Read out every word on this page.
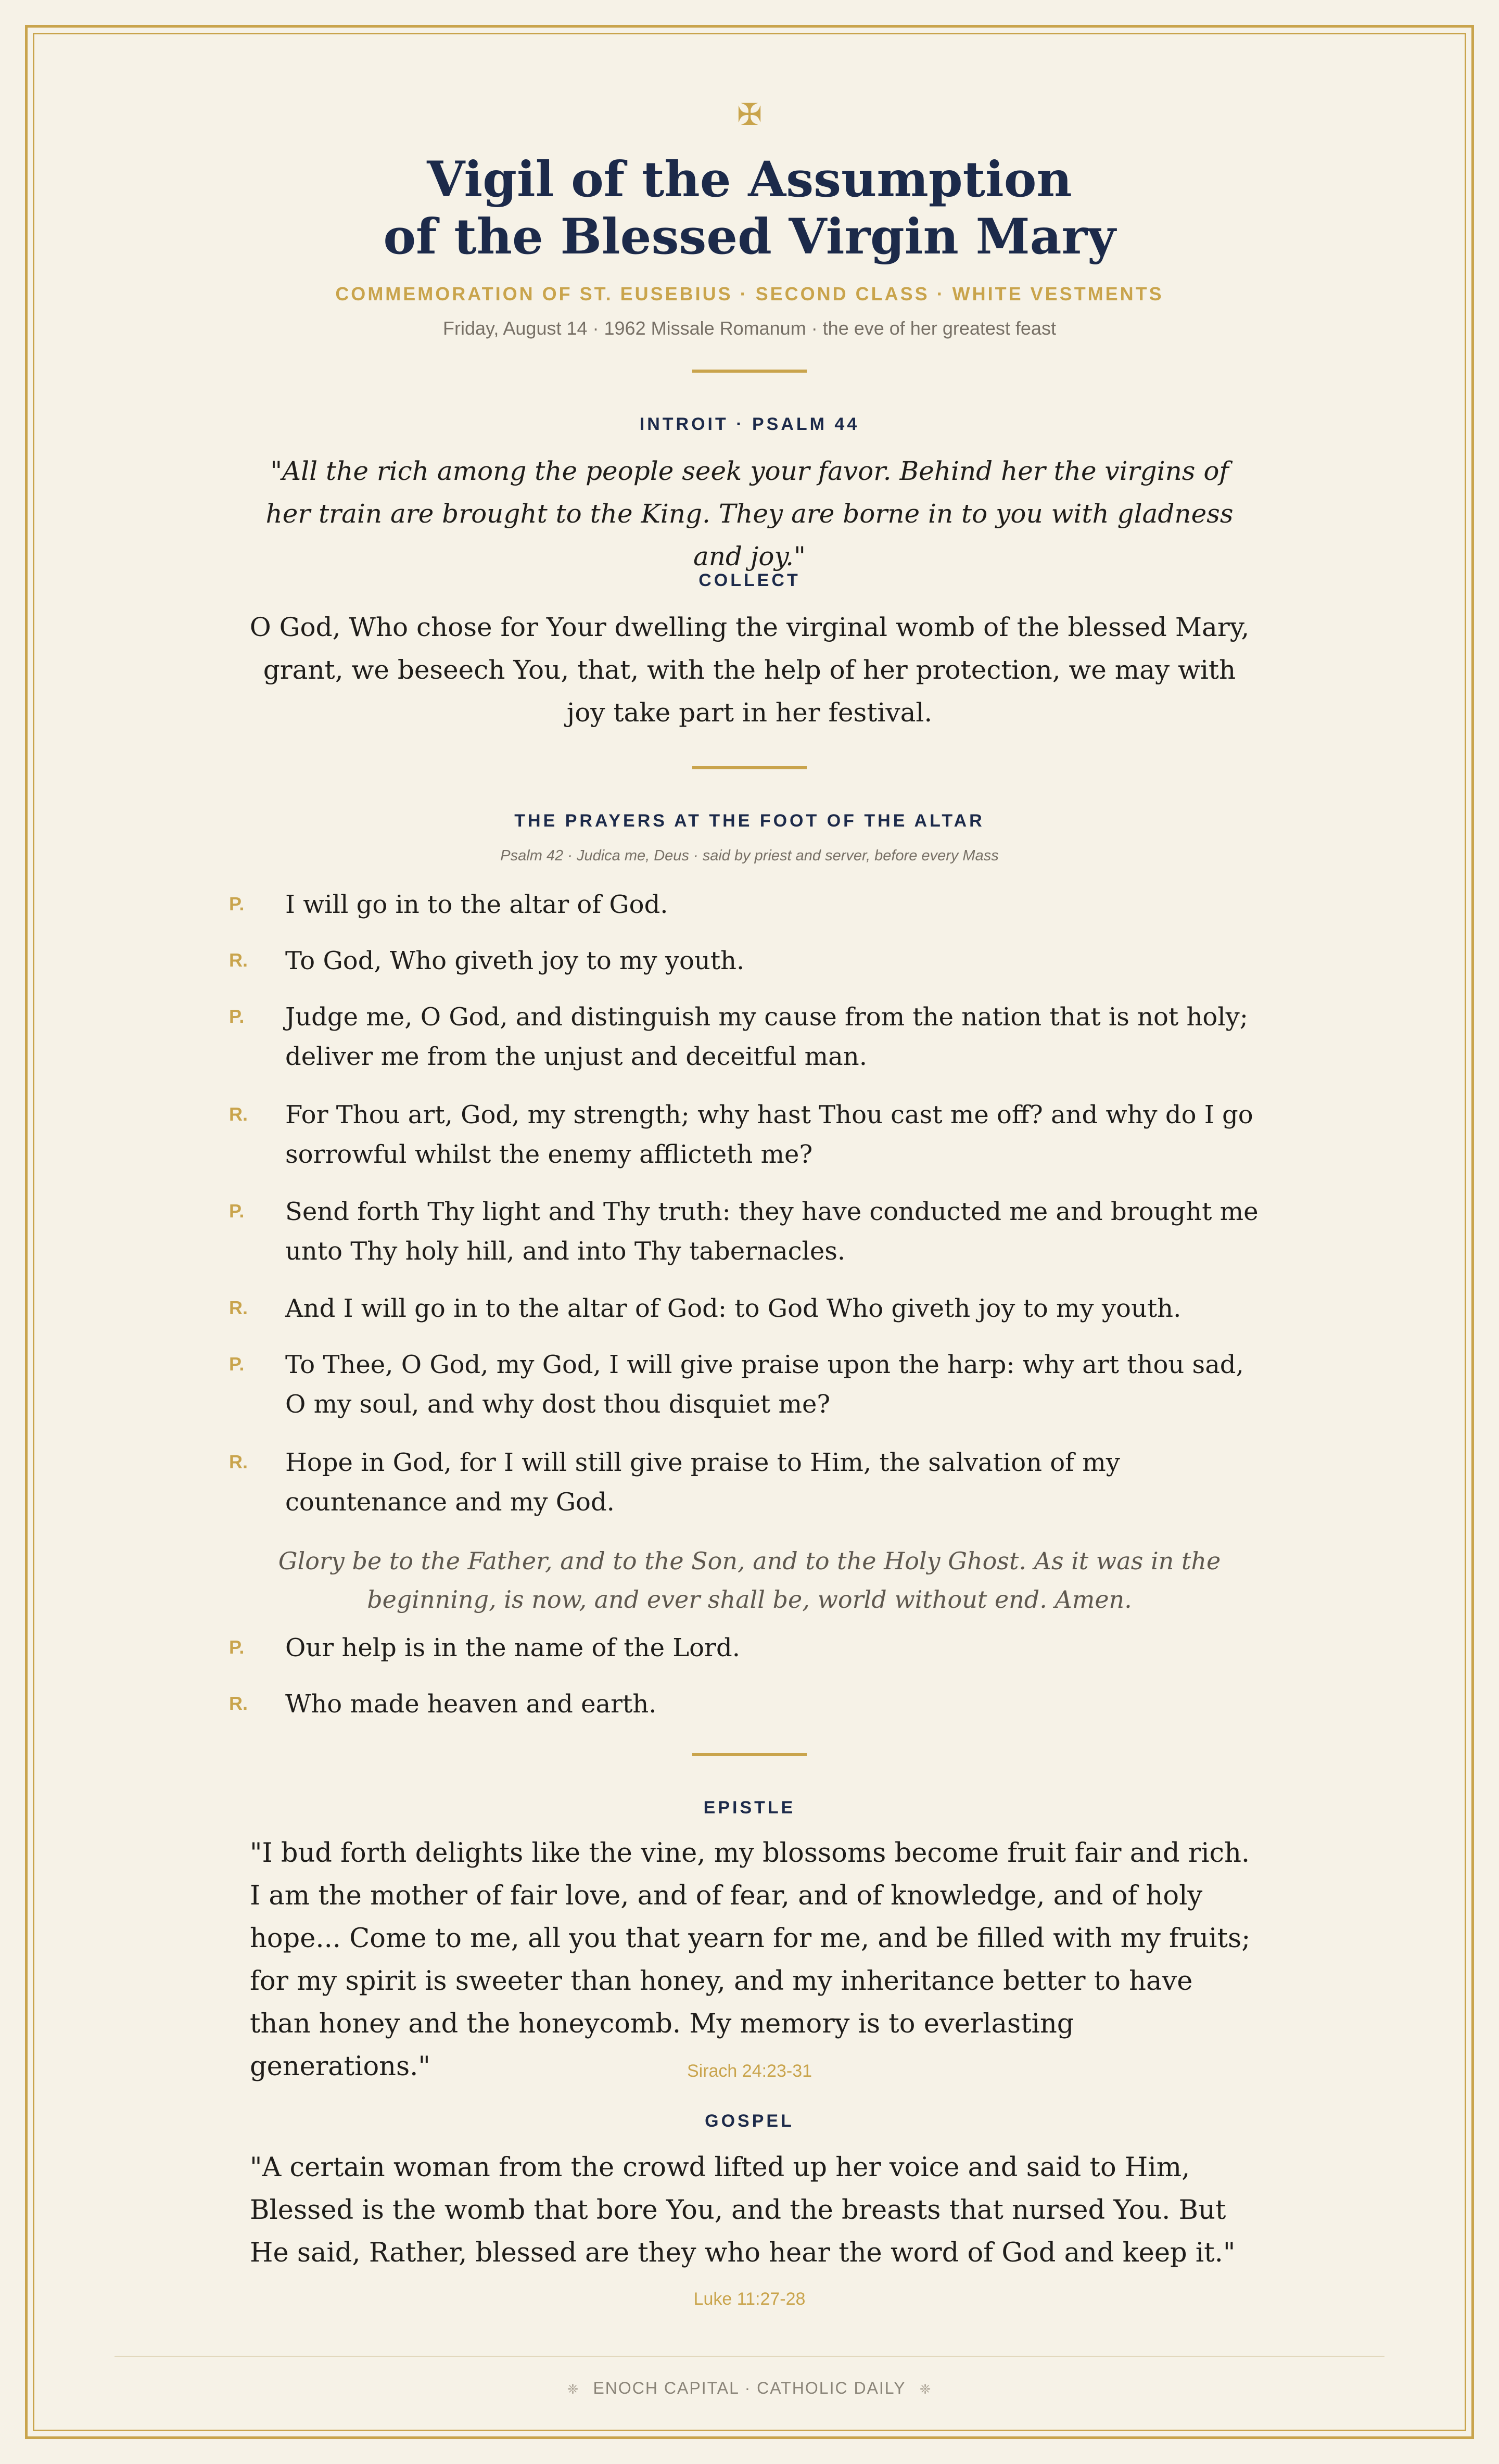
✠
Vigil of the Assumption
of the Blessed Virgin Mary
COMMEMORATION OF ST. EUSEBIUS · SECOND CLASS · WHITE VESTMENTS
Friday, August 14 · 1962 Missale Romanum · the eve of her greatest feast
INTROIT · PSALM 44
"All the rich among the people seek your favor. Behind her the virgins of her train are brought to the King. They are borne in to you with gladness and joy."
COLLECT
O God, Who chose for Your dwelling the virginal womb of the blessed Mary, grant, we beseech You, that, with the help of her protection, we may with joy take part in her festival.
THE PRAYERS AT THE FOOT OF THE ALTAR
Psalm 42 · Judica me, Deus · said by priest and server, before every Mass
P.	I will go in to the altar of God.
R.	To God, Who giveth joy to my youth.
P.	Judge me, O God, and distinguish my cause from the nation that is not holy; deliver me from the unjust and deceitful man.
R.	For Thou art, God, my strength; why hast Thou cast me off? and why do I go sorrowful whilst the enemy afflicteth me?
P.	Send forth Thy light and Thy truth: they have conducted me and brought me unto Thy holy hill, and into Thy tabernacles.
R.	And I will go in to the altar of God: to God Who giveth joy to my youth.
P.	To Thee, O God, my God, I will give praise upon the harp: why art thou sad, O my soul, and why dost thou disquiet me?
R.	Hope in God, for I will still give praise to Him, the salvation of my countenance and my God.
Glory be to the Father, and to the Son, and to the Holy Ghost. As it was in the beginning, is now, and ever shall be, world without end. Amen.
P.	Our help is in the name of the Lord.
R.	Who made heaven and earth.
EPISTLE
"I bud forth delights like the vine, my blossoms become fruit fair and rich. I am the mother of fair love, and of fear, and of knowledge, and of holy hope... Come to me, all you that yearn for me, and be filled with my fruits; for my spirit is sweeter than honey, and my inheritance better to have than honey and the honeycomb. My memory is to everlasting generations."	Sirach 24:23-31
GOSPEL
"A certain woman from the crowd lifted up her voice and said to Him, Blessed is the womb that bore You, and the breasts that nursed You. But He said, Rather, blessed are they who hear the word of God and keep it."
Luke 11:27-28
❈ ENOCH CAPITAL · CATHOLIC DAILY ❈
